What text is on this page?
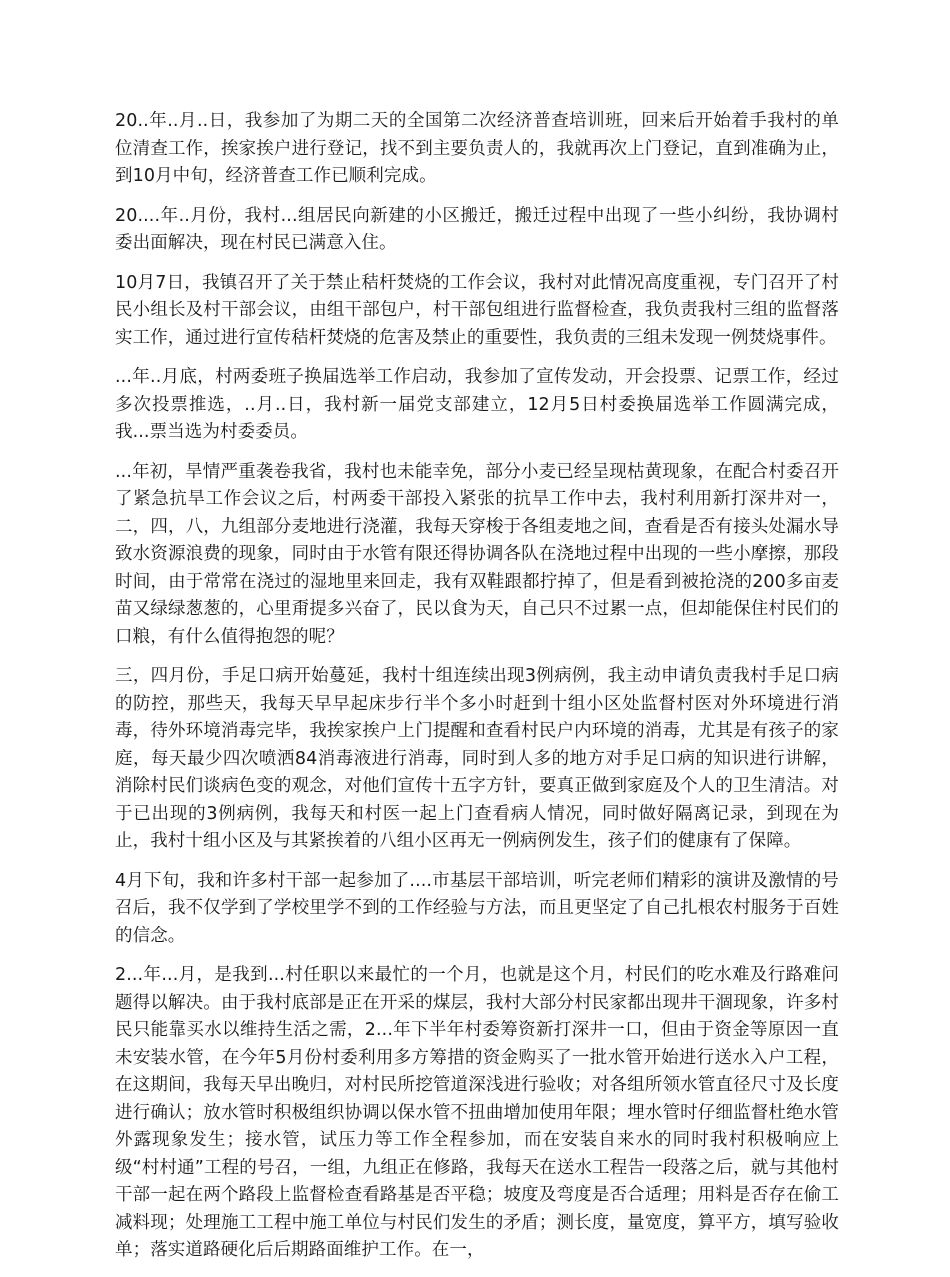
20..年..月..日，我参加了为期二天的全国第二次经济普查培训班，回来后开始着手我村的单位清查工作，挨家挨户进行登记，找不到主要负责人的，我就再次上门登记，直到准确为止，到10月中旬，经济普查工作已顺利完成。

20....年..月份，我村...组居民向新建的小区搬迁，搬迁过程中出现了一些小纠纷，我协调村委出面解决，现在村民已满意入住。

10月7日，我镇召开了关于禁止秸杆焚烧的工作会议，我村对此情况高度重视，专门召开了村民小组长及村干部会议，由组干部包户，村干部包组进行监督检查，我负责我村三组的监督落实工作，通过进行宣传秸杆焚烧的危害及禁止的重要性，我负责的三组未发现一例焚烧事件。

...年..月底，村两委班子换届选举工作启动，我参加了宣传发动，开会投票、记票工作，经过多次投票推选，..月..日，我村新一届党支部建立，12月5日村委换届选举工作圆满完成，我...票当选为村委委员。

...年初，旱情严重袭卷我省，我村也未能幸免，部分小麦已经呈现枯黄现象，在配合村委召开了紧急抗旱工作会议之后，村两委干部投入紧张的抗旱工作中去，我村利用新打深井对一，二，四，八，九组部分麦地进行浇灌，我每天穿梭于各组麦地之间，查看是否有接头处漏水导致水资源浪费的现象，同时由于水管有限还得协调各队在浇地过程中出现的一些小摩擦，那段时间，由于常常在浇过的湿地里来回走，我有双鞋跟都拧掉了，但是看到被抢浇的200多亩麦苗又绿绿葱葱的，心里甭提多兴奋了，民以食为天，自己只不过累一点，但却能保住村民们的口粮，有什么值得抱怨的呢？

三，四月份，手足口病开始蔓延，我村十组连续出现3例病例，我主动申请负责我村手足口病的防控，那些天，我每天早早起床步行半个多小时赶到十组小区处监督村医对外环境进行消毒，待外环境消毒完毕，我挨家挨户上门提醒和查看村民户内环境的消毒，尤其是有孩子的家庭，每天最少四次喷洒84消毒液进行消毒，同时到人多的地方对手足口病的知识进行讲解，消除村民们谈病色变的观念，对他们宣传十五字方针，要真正做到家庭及个人的卫生清洁。对于已出现的3例病例，我每天和村医一起上门查看病人情况，同时做好隔离记录，到现在为止，我村十组小区及与其紧挨着的八组小区再无一例病例发生，孩子们的健康有了保障。

4月下旬，我和许多村干部一起参加了....市基层干部培训，听完老师们精彩的演讲及激情的号召后，我不仅学到了学校里学不到的工作经验与方法，而且更坚定了自己扎根农村服务于百姓的信念。

2...年...月，是我到...村任职以来最忙的一个月，也就是这个月，村民们的吃水难及行路难问题得以解决。由于我村底部是正在开采的煤层，我村大部分村民家都出现井干涸现象，许多村民只能靠买水以维持生活之需，2...年下半年村委筹资新打深井一口，但由于资金等原因一直未安装水管，在今年5月份村委利用多方筹措的资金购买了一批水管开始进行送水入户工程，在这期间，我每天早出晚归，对村民所挖管道深浅进行验收；对各组所领水管直径尺寸及长度进行确认；放水管时积极组织协调以保水管不扭曲增加使用年限；埋水管时仔细监督杜绝水管外露现象发生；接水管，试压力等工作全程参加，而在安装自来水的同时我村积极响应上级“村村通”工程的号召，一组，九组正在修路，我每天在送水工程告一段落之后，就与其他村干部一起在两个路段上监督检查看路基是否平稳；坡度及弯度是否合适理；用料是否存在偷工减料现；处理施工工程中施工单位与村民们发生的矛盾；测长度，量宽度，算平方，填写验收单；落实道路硬化后后期路面维护工作。在一，
